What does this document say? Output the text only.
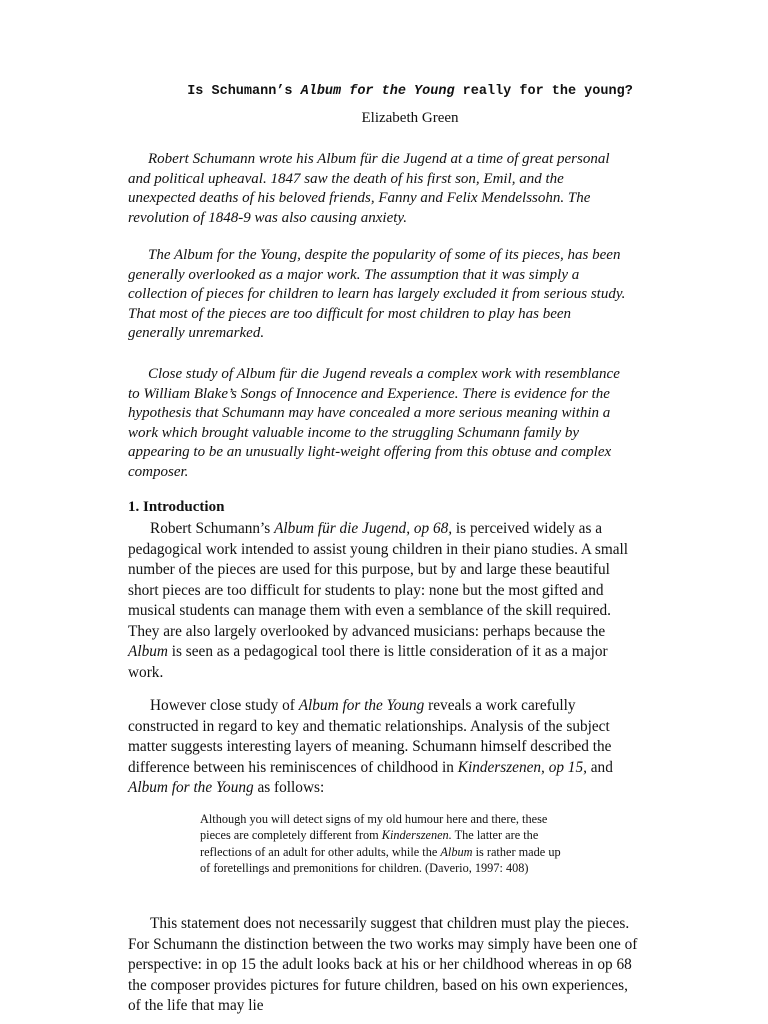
Is Schumann’s Album for the Young really for the young?
Elizabeth Green

Robert Schumann wrote his Album für die Jugend at a time of great personal and political upheaval. 1847 saw the death of his first son, Emil, and the unexpected deaths of his beloved friends, Fanny and Felix Mendelssohn. The revolution of 1848-9 was also causing anxiety.

The Album for the Young, despite the popularity of some of its pieces, has been generally overlooked as a major work. The assumption that it was simply a collection of pieces for children to learn has largely excluded it from serious study. That most of the pieces are too difficult for most children to play has been generally unremarked.

Close study of Album für die Jugend reveals a complex work with resemblance to William Blake’s Songs of Innocence and Experience. There is evidence for the hypothesis that Schumann may have concealed a more serious meaning within a work which brought valuable income to the struggling Schumann family by appearing to be an unusually light-weight offering from this obtuse and complex composer.

1. Introduction

Robert Schumann’s Album für die Jugend, op 68, is perceived widely as a pedagogical work intended to assist young children in their piano studies. A small number of the pieces are used for this purpose, but by and large these beautiful short pieces are too difficult for students to play: none but the most gifted and musical students can manage them with even a semblance of the skill required. They are also largely overlooked by advanced musicians: perhaps because the Album is seen as a pedagogical tool there is little consideration of it as a major work.

However close study of Album for the Young reveals a work carefully constructed in regard to key and thematic relationships. Analysis of the subject matter suggests interesting layers of meaning. Schumann himself described the difference between his reminiscences of childhood in Kinderszenen, op 15, and Album for the Young as follows:

Although you will detect signs of my old humour here and there, these pieces are completely different from Kinderszenen. The latter are the reflections of an adult for other adults, while the Album is rather made up of foretellings and premonitions for children. (Daverio, 1997: 408)

This statement does not necessarily suggest that children must play the pieces. For Schumann the distinction between the two works may simply have been one of perspective: in op 15 the adult looks back at his or her childhood whereas in op 68 the composer provides pictures for future children, based on his own experiences, of the life that may lie
